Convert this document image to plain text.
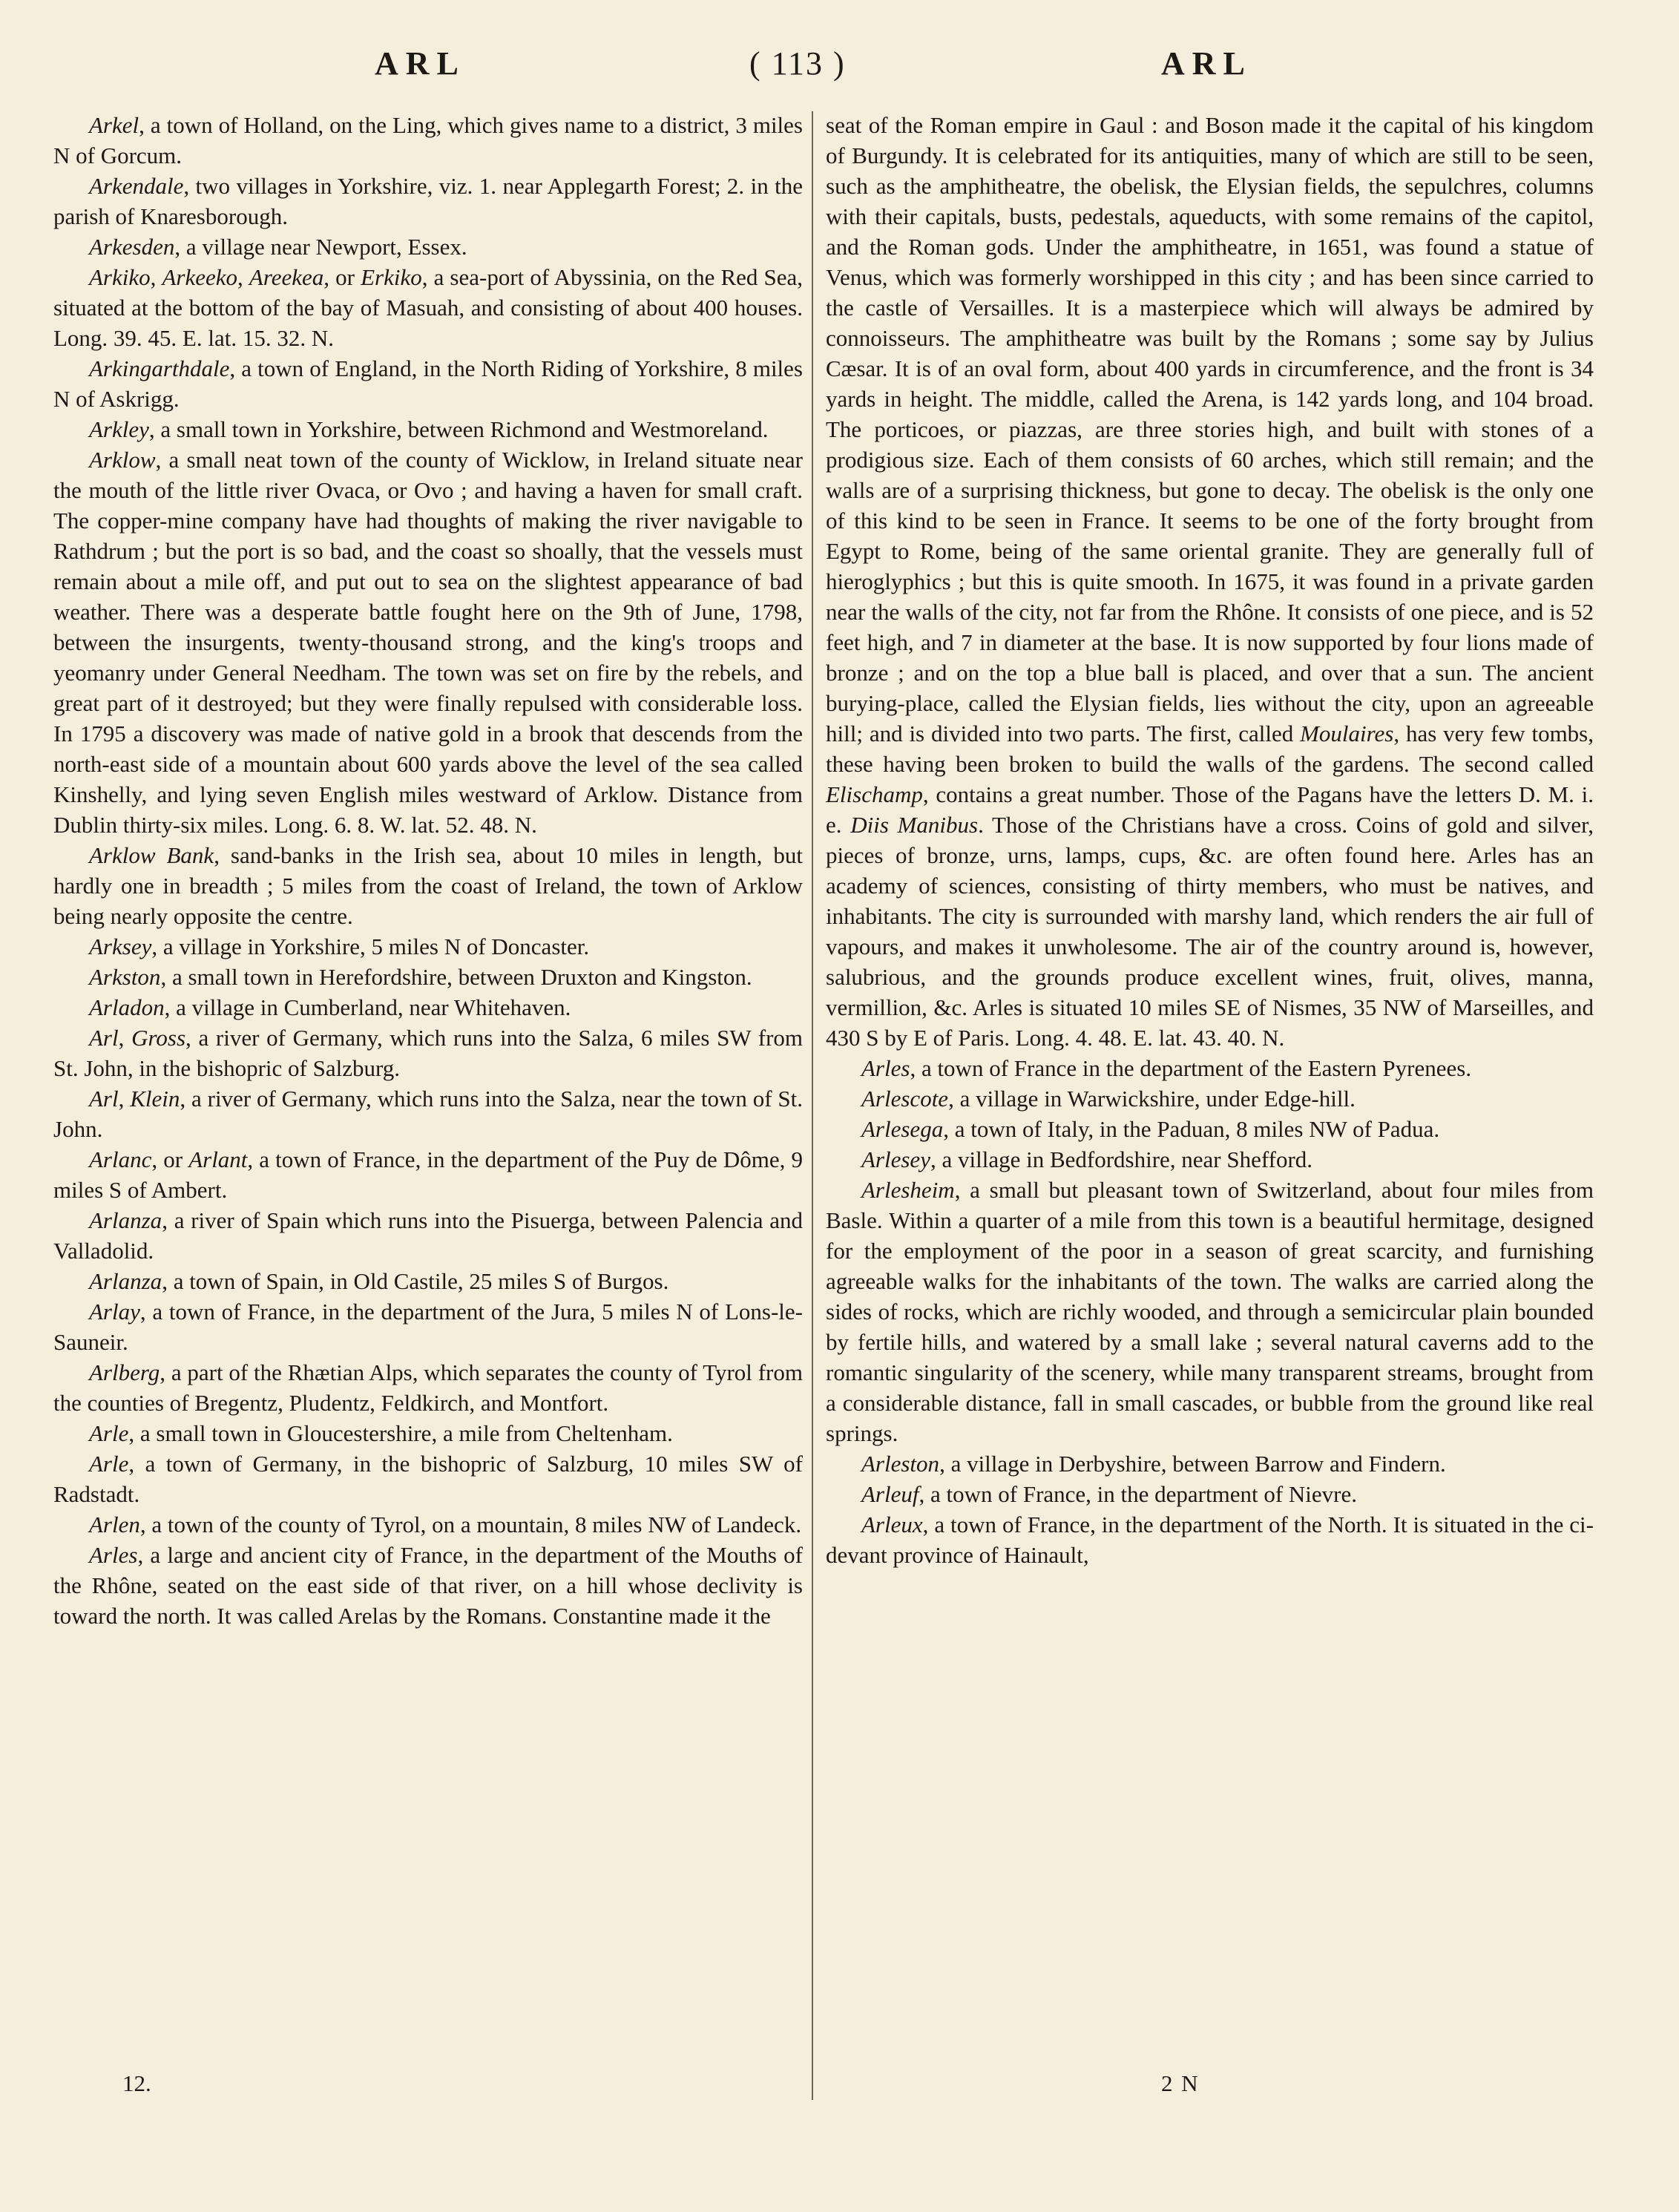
ARL	( 113 )	ARL

Arkel, a town of Holland, on the Ling, which gives name to a district, 3 miles N of Gorcum.

Arkendale, two villages in Yorkshire, viz. 1. near Applegarth Forest; 2. in the parish of Knaresborough.

Arkesden, a village near Newport, Essex.

Arkiko, Arkeeko, Areekea, or Erkiko, a sea-port of Abyssinia, on the Red Sea, situated at the bottom of the bay of Masuah, and consisting of about 400 houses. Long. 39. 45. E. lat. 15. 32. N.

Arkingarthdale, a town of England, in the North Riding of Yorkshire, 8 miles N of Askrigg.

Arkley, a small town in Yorkshire, between Richmond and Westmoreland.

Arklow, a small neat town of the county of Wicklow, in Ireland situate near the mouth of the little river Ovaca, or Ovo ; and having a haven for small craft. The copper-mine company have had thoughts of making the river navigable to Rathdrum ; but the port is so bad, and the coast so shoally, that the vessels must remain about a mile off, and put out to sea on the slightest appearance of bad weather. There was a desperate battle fought here on the 9th of June, 1798, between the insurgents, twenty-thousand strong, and the king's troops and yeomanry under General Needham. The town was set on fire by the rebels, and great part of it destroyed; but they were finally repulsed with considerable loss. In 1795 a discovery was made of native gold in a brook that descends from the north-east side of a mountain about 600 yards above the level of the sea called Kinshelly, and lying seven English miles westward of Arklow. Distance from Dublin thirty-six miles. Long. 6. 8. W. lat. 52. 48. N.

Arklow Bank, sand-banks in the Irish sea, about 10 miles in length, but hardly one in breadth ; 5 miles from the coast of Ireland, the town of Arklow being nearly opposite the centre.

Arksey, a village in Yorkshire, 5 miles N of Doncaster.

Arkston, a small town in Herefordshire, between Druxton and Kingston.

Arladon, a village in Cumberland, near Whitehaven.

Arl, Gross, a river of Germany, which runs into the Salza, 6 miles SW from St. John, in the bishopric of Salzburg.

Arl, Klein, a river of Germany, which runs into the Salza, near the town of St. John.

Arlanc, or Arlant, a town of France, in the department of the Puy de Dôme, 9 miles S of Ambert.

Arlanza, a river of Spain which runs into the Pisuerga, between Palencia and Valladolid.

Arlanza, a town of Spain, in Old Castile, 25 miles S of Burgos.

Arlay, a town of France, in the department of the Jura, 5 miles N of Lons-le-Sauneir.

Arlberg, a part of the Rhætian Alps, which separates the county of Tyrol from the counties of Bregentz, Pludentz, Feldkirch, and Montfort.

Arle, a small town in Gloucestershire, a mile from Cheltenham.

Arle, a town of Germany, in the bishopric of Salzburg, 10 miles SW of Radstadt.

Arlen, a town of the county of Tyrol, on a mountain, 8 miles NW of Landeck.

Arles, a large and ancient city of France, in the department of the Mouths of the Rhône, seated on the east side of that river, on a hill whose declivity is toward the north. It was called Arelas by the Romans. Constantine made it the

seat of the Roman empire in Gaul : and Boson made it the capital of his kingdom of Burgundy. It is celebrated for its antiquities, many of which are still to be seen, such as the amphitheatre, the obelisk, the Elysian fields, the sepulchres, columns with their capitals, busts, pedestals, aqueducts, with some remains of the capitol, and the Roman gods. Under the amphitheatre, in 1651, was found a statue of Venus, which was formerly worshipped in this city ; and has been since carried to the castle of Versailles. It is a masterpiece which will always be admired by connoisseurs. The amphitheatre was built by the Romans ; some say by Julius Cæsar. It is of an oval form, about 400 yards in circumference, and the front is 34 yards in height. The middle, called the Arena, is 142 yards long, and 104 broad. The porticoes, or piazzas, are three stories high, and built with stones of a prodigious size. Each of them consists of 60 arches, which still remain; and the walls are of a surprising thickness, but gone to decay. The obelisk is the only one of this kind to be seen in France. It seems to be one of the forty brought from Egypt to Rome, being of the same oriental granite. They are generally full of hieroglyphics ; but this is quite smooth. In 1675, it was found in a private garden near the walls of the city, not far from the Rhône. It consists of one piece, and is 52 feet high, and 7 in diameter at the base. It is now supported by four lions made of bronze ; and on the top a blue ball is placed, and over that a sun. The ancient burying-place, called the Elysian fields, lies without the city, upon an agreeable hill; and is divided into two parts. The first, called Moulaires, has very few tombs, these having been broken to build the walls of the gardens. The second called Elischamp, contains a great number. Those of the Pagans have the letters D. M. i. e. Diis Manibus. Those of the Christians have a cross. Coins of gold and silver, pieces of bronze, urns, lamps, cups, &c. are often found here. Arles has an academy of sciences, consisting of thirty members, who must be natives, and inhabitants. The city is surrounded with marshy land, which renders the air full of vapours, and makes it unwholesome. The air of the country around is, however, salubrious, and the grounds produce excellent wines, fruit, olives, manna, vermillion, &c. Arles is situated 10 miles SE of Nismes, 35 NW of Marseilles, and 430 S by E of Paris. Long. 4. 48. E. lat. 43. 40. N.

Arles, a town of France in the department of the Eastern Pyrenees.

Arlescote, a village in Warwickshire, under Edge-hill.

Arlesega, a town of Italy, in the Paduan, 8 miles NW of Padua.

Arlesey, a village in Bedfordshire, near Shefford.

Arlesheim, a small but pleasant town of Switzerland, about four miles from Basle. Within a quarter of a mile from this town is a beautiful hermitage, designed for the employment of the poor in a season of great scarcity, and furnishing agreeable walks for the inhabitants of the town. The walks are carried along the sides of rocks, which are richly wooded, and through a semicircular plain bounded by fertile hills, and watered by a small lake ; several natural caverns add to the romantic singularity of the scenery, while many transparent streams, brought from a considerable distance, fall in small cascades, or bubble from the ground like real springs.

Arleston, a village in Derbyshire, between Barrow and Findern.

Arleuf, a town of France, in the department of Nievre.

Arleux, a town of France, in the department of the North. It is situated in the ci-devant province of Hainault,

12.	2 N
